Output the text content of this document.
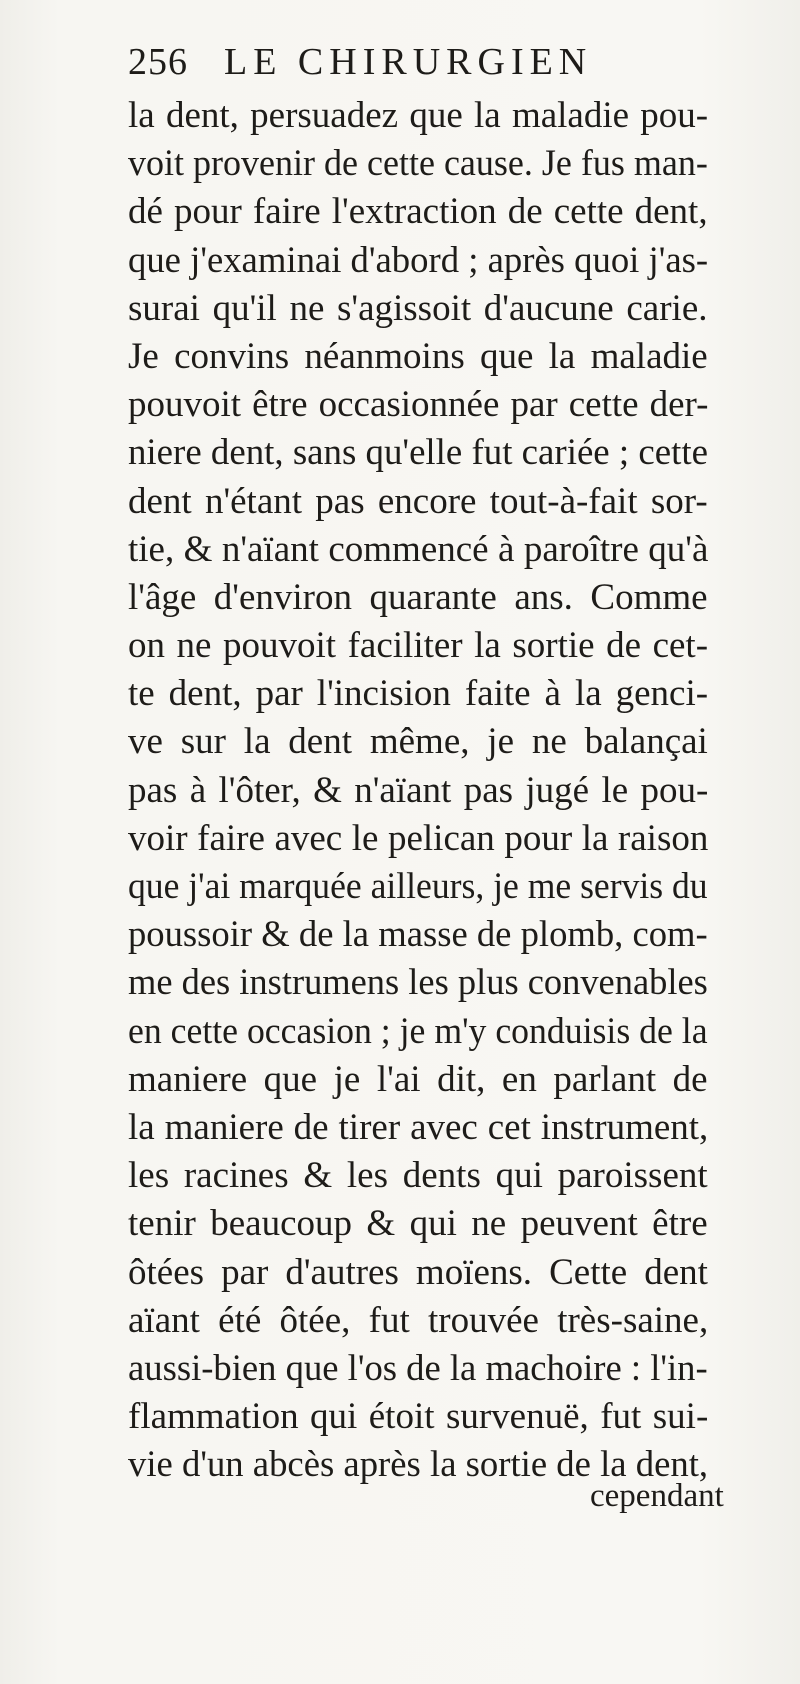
256 LE CHIRURGIEN
la dent, persuadez que la maladie pou-
voit provenir de cette cause. Je fus man-
dé pour faire l'extraction de cette dent,
que j'examinai d'abord ; après quoi j'as-
surai qu'il ne s'agissoit d'aucune carie.
Je convins néanmoins que la maladie
pouvoit être occasionnée par cette der-
niere dent, sans qu'elle fut cariée ; cette
dent n'étant pas encore tout-à-fait sor-
tie, & n'aïant commencé à paroître qu'à
l'âge d'environ quarante ans. Comme
on ne pouvoit faciliter la sortie de cet-
te dent, par l'incision faite à la genci-
ve sur la dent même, je ne balançai
pas à l'ôter, & n'aïant pas jugé le pou-
voir faire avec le pelican pour la raison
que j'ai marquée ailleurs, je me servis du
poussoir & de la masse de plomb, com-
me des instrumens les plus convenables
en cette occasion ; je m'y conduisis de la
maniere que je l'ai dit, en parlant de
la maniere de tirer avec cet instrument,
les racines & les dents qui paroissent
tenir beaucoup & qui ne peuvent être
ôtées par d'autres moïens. Cette dent
aïant été ôtée, fut trouvée très-saine,
aussi-bien que l'os de la machoire : l'in-
flammation qui étoit survenuë, fut sui-
vie d'un abcès après la sortie de la dent,
cependant
